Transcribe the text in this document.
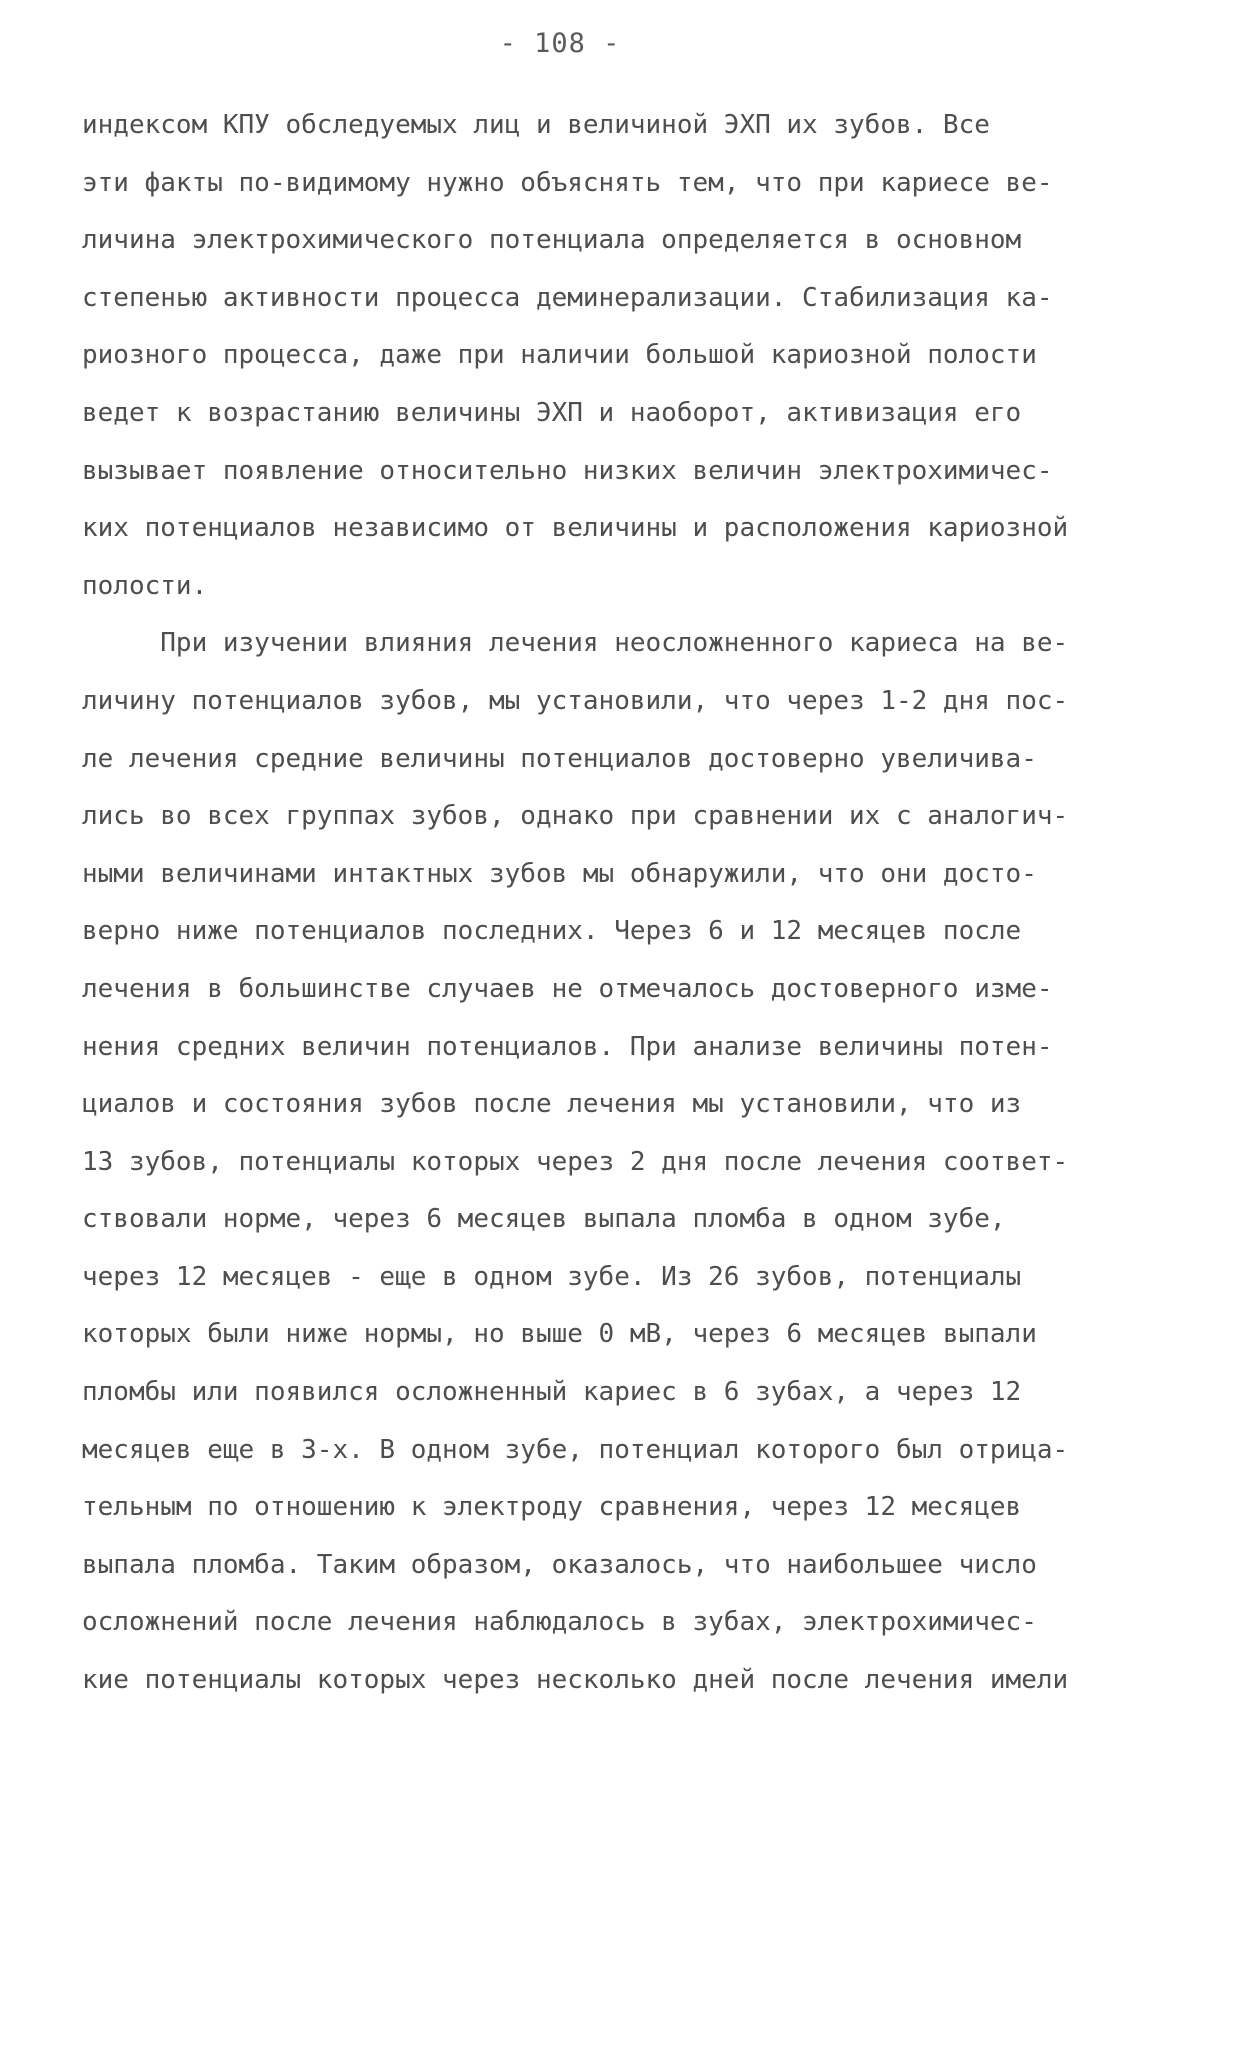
- 108 -
индексом КПУ обследуемых лиц и величиной ЭХП их зубов. Все
эти факты по-видимому нужно объяснять тем, что при кариесе ве-
личина электрохимического потенциала определяется в основном
степенью активности процесса деминерализации. Стабилизация ка-
риозного процесса, даже при наличии большой кариозной полости
ведет к возрастанию величины ЭХП и наоборот, активизация его
вызывает появление относительно низких величин электрохимичес-
ких потенциалов независимо от величины и расположения кариозной
полости.
При изучении влияния лечения неосложненного кариеса на ве-
личину потенциалов зубов, мы установили, что через 1-2 дня пос-
ле лечения средние величины потенциалов достоверно увеличива-
лись во всех группах зубов, однако при сравнении их с аналогич-
ными величинами интактных зубов мы обнаружили, что они досто-
верно ниже потенциалов последних. Через 6 и 12 месяцев после
лечения в большинстве случаев не отмечалось достоверного изме-
нения средних величин потенциалов. При анализе величины потен-
циалов и состояния зубов после лечения мы установили, что из
13 зубов, потенциалы которых через 2 дня после лечения соответ-
ствовали норме, через 6 месяцев выпала пломба в одном зубе,
через 12 месяцев - еще в одном зубе. Из 26 зубов, потенциалы
которых были ниже нормы, но выше 0 мВ, через 6 месяцев выпали
пломбы или появился осложненный кариес в 6 зубах, а через 12
месяцев еще в 3-х. В одном зубе, потенциал которого был отрица-
тельным по отношению к электроду сравнения, через 12 месяцев
выпала пломба. Таким образом, оказалось, что наибольшее число
осложнений после лечения наблюдалось в зубах, электрохимичес-
кие потенциалы которых через несколько дней после лечения имели
